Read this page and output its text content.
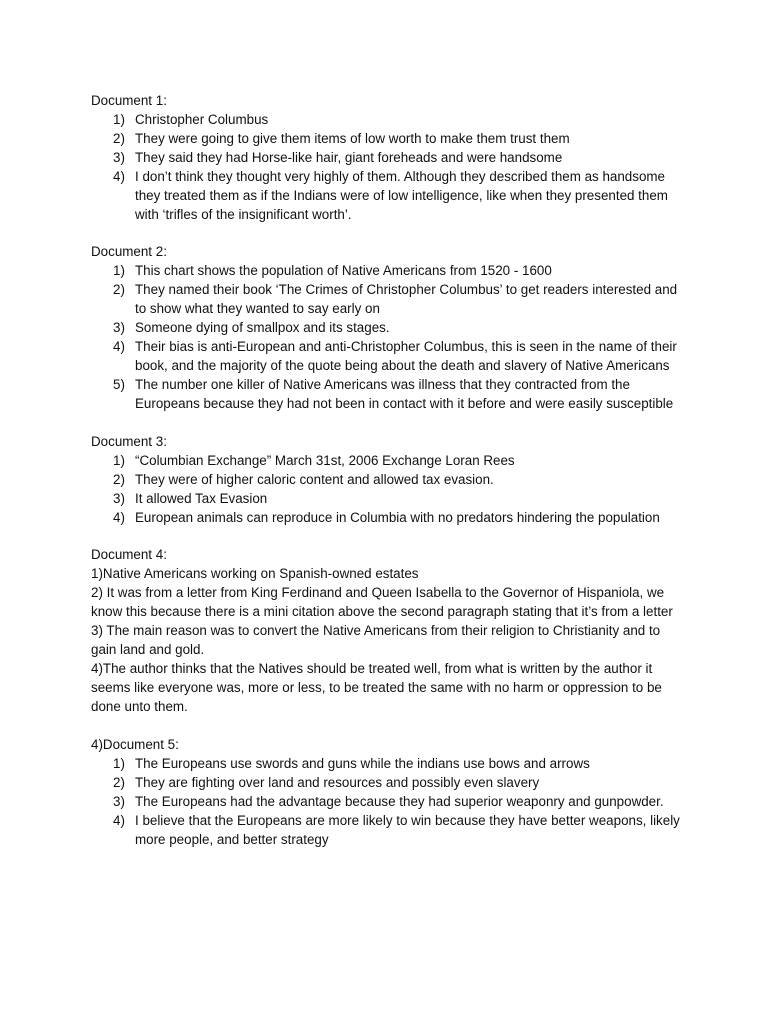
Document 1:
1) Christopher Columbus
2) They were going to give them items of low worth to make them trust them
3) They said they had Horse-like hair, giant foreheads and were handsome
4) I don’t think they thought very highly of them. Although they described them as handsome they treated them as if the Indians were of low intelligence, like when they presented them with ‘trifles of the insignificant worth’.
Document 2:
1) This chart shows the population of Native Americans from 1520 - 1600
2) They named their book ‘The Crimes of Christopher Columbus’ to get readers interested and to show what they wanted to say early on
3) Someone dying of smallpox and its stages.
4) Their bias is anti-European and anti-Christopher Columbus, this is seen in the name of their book, and the majority of the quote being about the death and slavery of Native Americans
5) The number one killer of Native Americans was illness that they contracted from the Europeans because they had not been in contact with it before and were easily susceptible
Document 3:
1) “Columbian Exchange” March 31st, 2006 Exchange Loran Rees
2) They were of higher caloric content and allowed tax evasion.
3) It allowed Tax Evasion
4) European animals can reproduce in Columbia with no predators hindering the population
Document 4:
1)Native Americans working on Spanish-owned estates
2) It was from a letter from King Ferdinand and Queen Isabella to the Governor of Hispaniola, we know this because there is a mini citation above the second paragraph stating that it’s from a letter
3) The main reason was to convert the Native Americans from their religion to Christianity and to gain land and gold.
4)The author thinks that the Natives should be treated well, from what is written by the author it seems like everyone was, more or less, to be treated the same with no harm or oppression to be done unto them.
4)Document 5:
1) The Europeans use swords and guns while the indians use bows and arrows
2) They are fighting over land and resources and possibly even slavery
3) The Europeans had the advantage because they had superior weaponry and gunpowder.
4) I believe that the Europeans are more likely to win because they have better weapons, likely more people, and better strategy
